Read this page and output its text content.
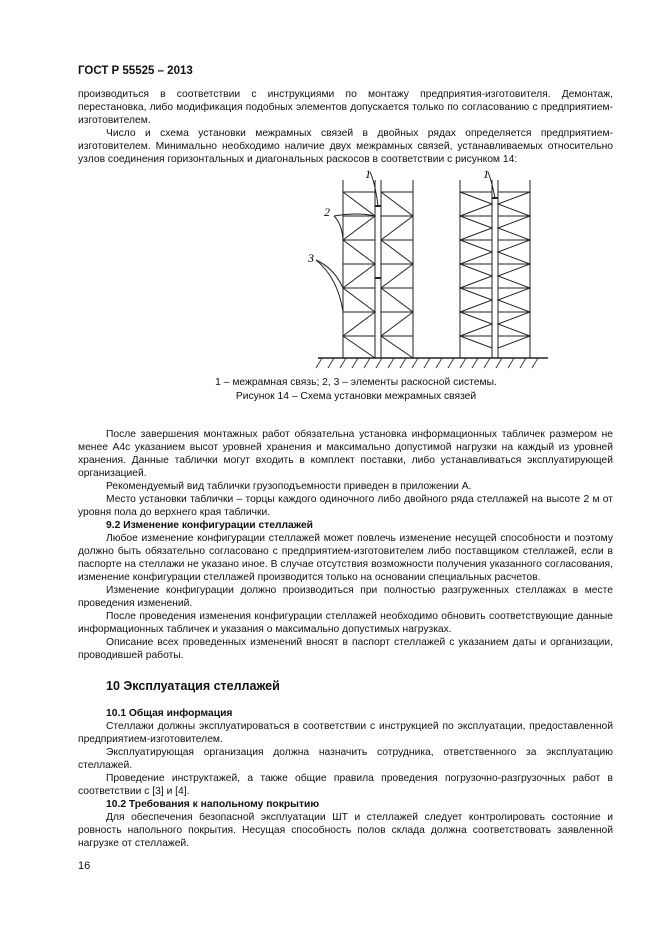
ГОСТ Р 55525 – 2013

производиться в соответствии с инструкциями по монтажу предприятия-изготовителя. Демонтаж, перестановка, либо модификация подобных элементов допускается только по согласованию с предприятием-изготовителем.

Число и схема установки межрамных связей в двойных рядах определяется предприятием-изготовителем. Минимально необходимо наличие двух межрамных связей, устанавливаемых относительно узлов соединения горизонтальных и диагональных раскосов в соответствии с рисунком 14:

1
2
3
1
1 – межрамная связь; 2, 3 – элементы раскосной системы.
Рисунок 14 – Схема установки межрамных связей

После завершения монтажных работ обязательна установка информационных табличек размером не менее А4с указанием высот уровней хранения и максимально допустимой нагрузки на каждый из уровней хранения. Данные таблички могут входить в комплект поставки, либо устанавливаться эксплуатирующей организацией.

Рекомендуемый вид таблички грузоподъемности приведен в приложении А.

Место установки таблички – торцы каждого одиночного либо двойного ряда стеллажей на высоте 2 м от уровня пола до верхнего края таблички.

9.2 Изменение конфигурации стеллажей

Любое изменение конфигурации стеллажей может повлечь изменение несущей способности и поэтому должно быть обязательно согласовано с предприятием-изготовителем либо поставщиком стеллажей, если в паспорте на стеллажи не указано иное. В случае отсутствия возможности получения указанного согласования, изменение конфигурации стеллажей производится только на основании специальных расчетов.

Изменение конфигурации должно производиться при полностью разгруженных стеллажах в месте проведения изменений.

После проведения изменения конфигурации стеллажей необходимо обновить соответствующие данные информационных табличек и указания о максимально допустимых нагрузках.

Описание всех проведенных изменений вносят в паспорт стеллажей с указанием даты и организации, проводившей работы.

10 Эксплуатация стеллажей

10.1 Общая информация

Стеллажи должны эксплуатироваться в соответствии с инструкцией по эксплуатации, предоставленной предприятием-изготовителем.

Эксплуатирующая организация должна назначить сотрудника, ответственного за эксплуатацию стеллажей.

Проведение инструктажей, а также общие правила проведения погрузочно-разгрузочных работ в соответствии с [3] и [4].

10.2 Требования к напольному покрытию

Для обеспечения безопасной эксплуатации ШТ и стеллажей следует контролировать состояние и ровность напольного покрытия. Несущая способность полов склада должна соответствовать заявленной нагрузке от стеллажей.

16
